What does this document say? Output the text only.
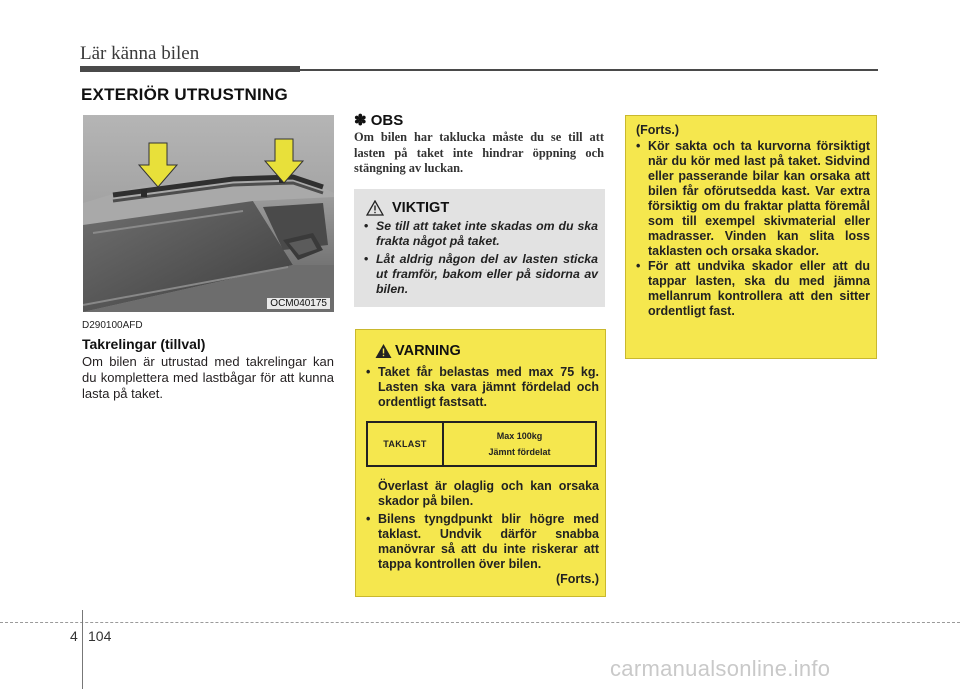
Lär känna bilen
EXTERIÖR UTRUSTNING
OCM040175
D290100AFD
Takrelingar (tillval)
Om bilen är utrustad med takrelingar kan du komplettera med lastbågar för att kunna lasta på taket.
✽ OBS
Om bilen har taklucka måste du se till att lasten på taket inte hindrar öppning och stängning av luckan.
VIKTIGT
• Se till att taket inte skadas om du ska frakta något på taket.
• Låt aldrig någon del av lasten sticka ut framför, bakom eller på sidorna av bilen.
VARNING
• Taket får belastas med max 75 kg. Lasten ska vara jämnt fördelad och ordentligt fastsatt.
TAKLAST
Max 100kg
Jämnt fördelat
Överlast är olaglig och kan orsaka skador på bilen.
• Bilens tyngdpunkt blir högre med taklast. Undvik därför snabba manövrar så att du inte riskerar att tappa kontrollen över bilen.
(Forts.)
(Forts.)
• Kör sakta och ta kurvorna försiktigt när du kör med last på taket. Sidvind eller passerande bilar kan orsaka att bilen får oförutsedda kast. Var extra försiktig om du fraktar platta föremål som till exempel skivmaterial eller madrasser. Vinden kan slita loss taklasten och orsaka skador.
• För att undvika skador eller att du tappar lasten, ska du med jämna mellanrum kontrollera att den sitter ordentligt fast.
4 104
carmanualsonline.info
